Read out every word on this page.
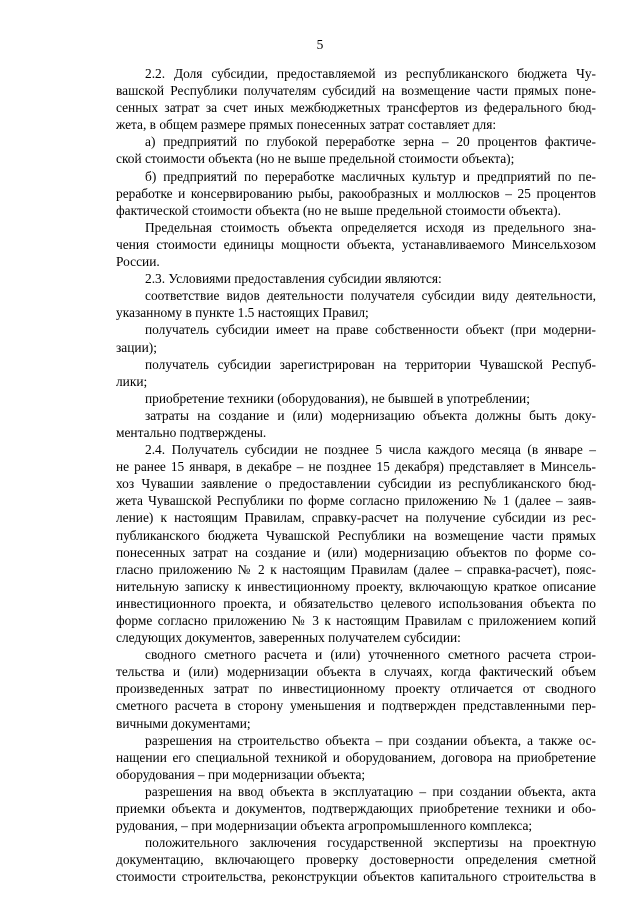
5
2.2. Доля субсидии, предоставляемой из республиканского бюджета Чу-
вашской Республики получателям субсидий на возмещение части прямых поне-
сенных затрат за счет иных межбюджетных трансфертов из федерального бюд-
жета, в общем размере прямых понесенных затрат составляет для:
а) предприятий по глубокой переработке зерна – 20 процентов фактиче-
ской стоимости объекта (но не выше предельной стоимости объекта);
б) предприятий по переработке масличных культур и предприятий по пе-
реработке и консервированию рыбы, ракообразных и моллюсков – 25 процентов
фактической стоимости объекта (но не выше предельной стоимости объекта).
Предельная стоимость объекта определяется исходя из предельного зна-
чения стоимости единицы мощности объекта, устанавливаемого Минсельхозом
России.
2.3. Условиями предоставления субсидии являются:
соответствие видов деятельности получателя субсидии виду деятельности,
указанному в пункте 1.5 настоящих Правил;
получатель субсидии имеет на праве собственности объект (при модерни-
зации);
получатель субсидии зарегистрирован на территории Чувашской Респуб-
лики;
приобретение техники (оборудования), не бывшей в употреблении;
затраты на создание и (или) модернизацию объекта должны быть доку-
ментально подтверждены.
2.4. Получатель субсидии не позднее 5 числа каждого месяца (в январе –
не ранее 15 января, в декабре – не позднее 15 декабря) представляет в Минсель-
хоз Чувашии заявление о предоставлении субсидии из республиканского бюд-
жета Чувашской Республики по форме согласно приложению № 1 (далее – заяв-
ление) к настоящим Правилам, справку-расчет на получение субсидии из рес-
публиканского бюджета Чувашской Республики на возмещение части прямых
понесенных затрат на создание и (или) модернизацию объектов по форме со-
гласно приложению № 2 к настоящим Правилам (далее – справка-расчет), пояс-
нительную записку к инвестиционному проекту, включающую краткое описание
инвестиционного проекта, и обязательство целевого использования объекта по
форме согласно приложению № 3 к настоящим Правилам с приложением копий
следующих документов, заверенных получателем субсидии:
сводного сметного расчета и (или) уточненного сметного расчета строи-
тельства и (или) модернизации объекта в случаях, когда фактический объем
произведенных затрат по инвестиционному проекту отличается от сводного
сметного расчета в сторону уменьшения и подтвержден представленными пер-
вичными документами;
разрешения на строительство объекта – при создании объекта, а также ос-
нащении его специальной техникой и оборудованием, договора на приобретение
оборудования – при модернизации объекта;
разрешения на ввод объекта в эксплуатацию – при создании объекта, акта
приемки объекта и документов, подтверждающих приобретение техники и обо-
рудования, – при модернизации объекта агропромышленного комплекса;
положительного заключения государственной экспертизы на проектную
документацию, включающего проверку достоверности определения сметной
стоимости строительства, реконструкции объектов капитального строительства в
